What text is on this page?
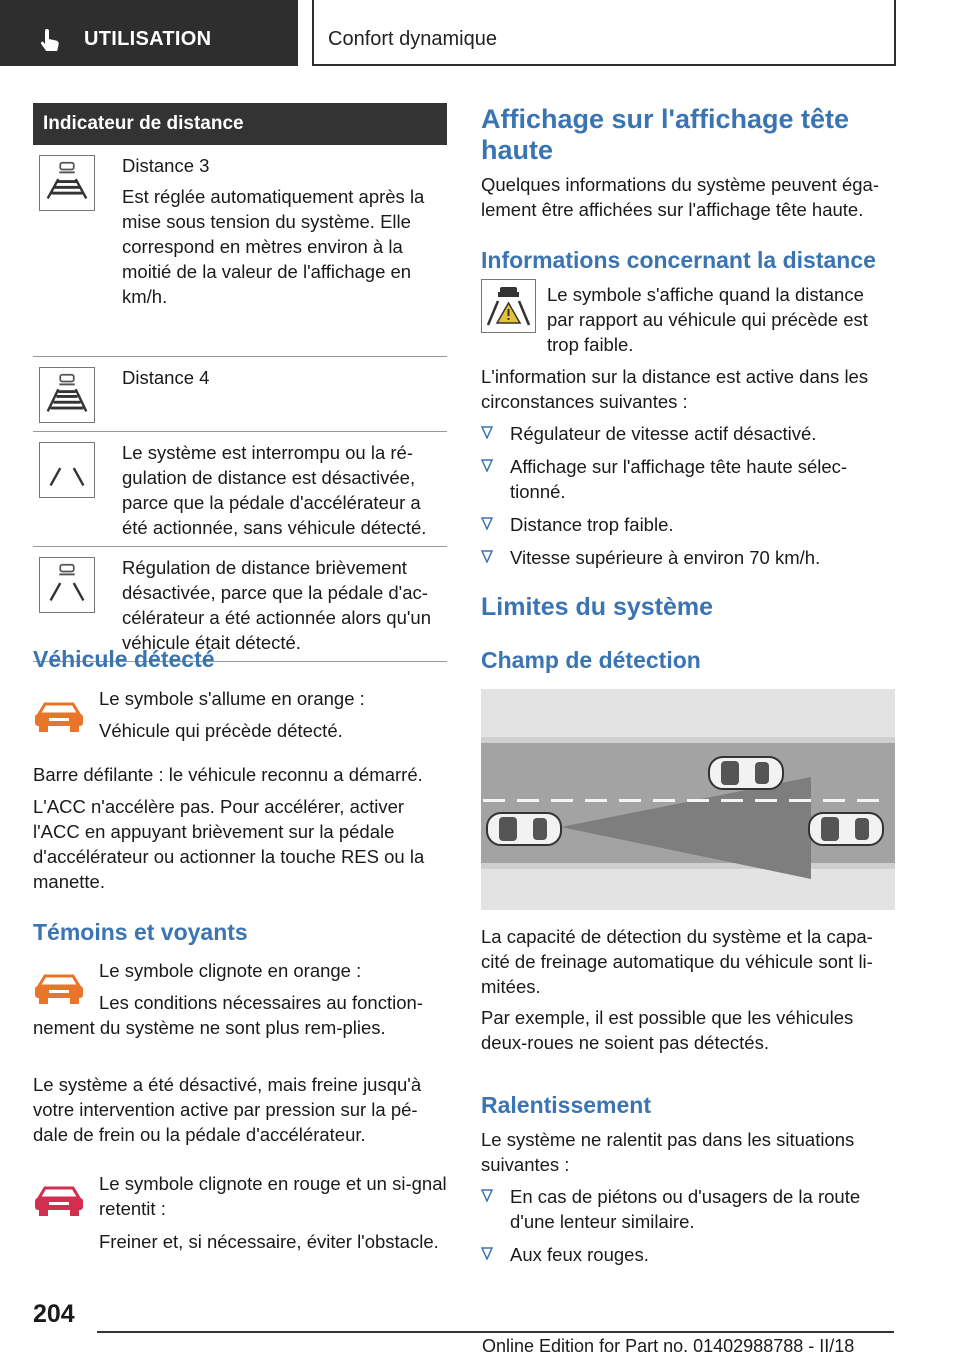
UTILISATION	Confort dynamique
Indicateur de distance

Distance 3

Est réglée automatiquement après la mise sous tension du système. Elle correspond en mètres environ à la moitié de la valeur de l'affichage en km/h.

Distance 4

Le système est interrompu ou la ré‐gulation de distance est désactivée, parce que la pédale d'accélérateur a été actionnée, sans véhicule détecté.

Régulation de distance brièvement désactivée, parce que la pédale d'ac‐célérateur a été actionnée alors qu'un véhicule était détecté.

Véhicule détecté
Le symbole s'allume en orange :
Véhicule qui précède détecté.
Barre défilante : le véhicule reconnu a démarré.
L'ACC n'accélère pas. Pour accélérer, activer l'ACC en appuyant brièvement sur la pédale d'accélérateur ou actionner la touche RES ou la manette.
Témoins et voyants
Le symbole clignote en orange :
Les conditions nécessaires au fonction‐nement du système ne sont plus rem‐plies.
Le système a été désactivé, mais freine jusqu'à votre intervention active par pression sur la pé‐dale de frein ou la pédale d'accélérateur.
Le symbole clignote en rouge et un si‐gnal retentit :
Freiner et, si nécessaire, éviter l'obstacle.
Affichage sur l'affichage tête haute
Quelques informations du système peuvent éga‐lement être affichées sur l'affichage tête haute.
Informations concernant la distance
Le symbole s'affiche quand la distance par rapport au véhicule qui précède est trop faible.
L'information sur la distance est active dans les circonstances suivantes :
Régulateur de vitesse actif désactivé.
Affichage sur l'affichage tête haute sélec‐tionné.
Distance trop faible.
Vitesse supérieure à environ 70 km/h.
Limites du système
Champ de détection
La capacité de détection du système et la capa‐cité de freinage automatique du véhicule sont li‐mitées.
Par exemple, il est possible que les véhicules deux-roues ne soient pas détectés.
Ralentissement
Le système ne ralentit pas dans les situations suivantes :
En cas de piétons ou d'usagers de la route d'une lenteur similaire.
Aux feux rouges.
204
Online Edition for Part no. 01402988788 - II/18
